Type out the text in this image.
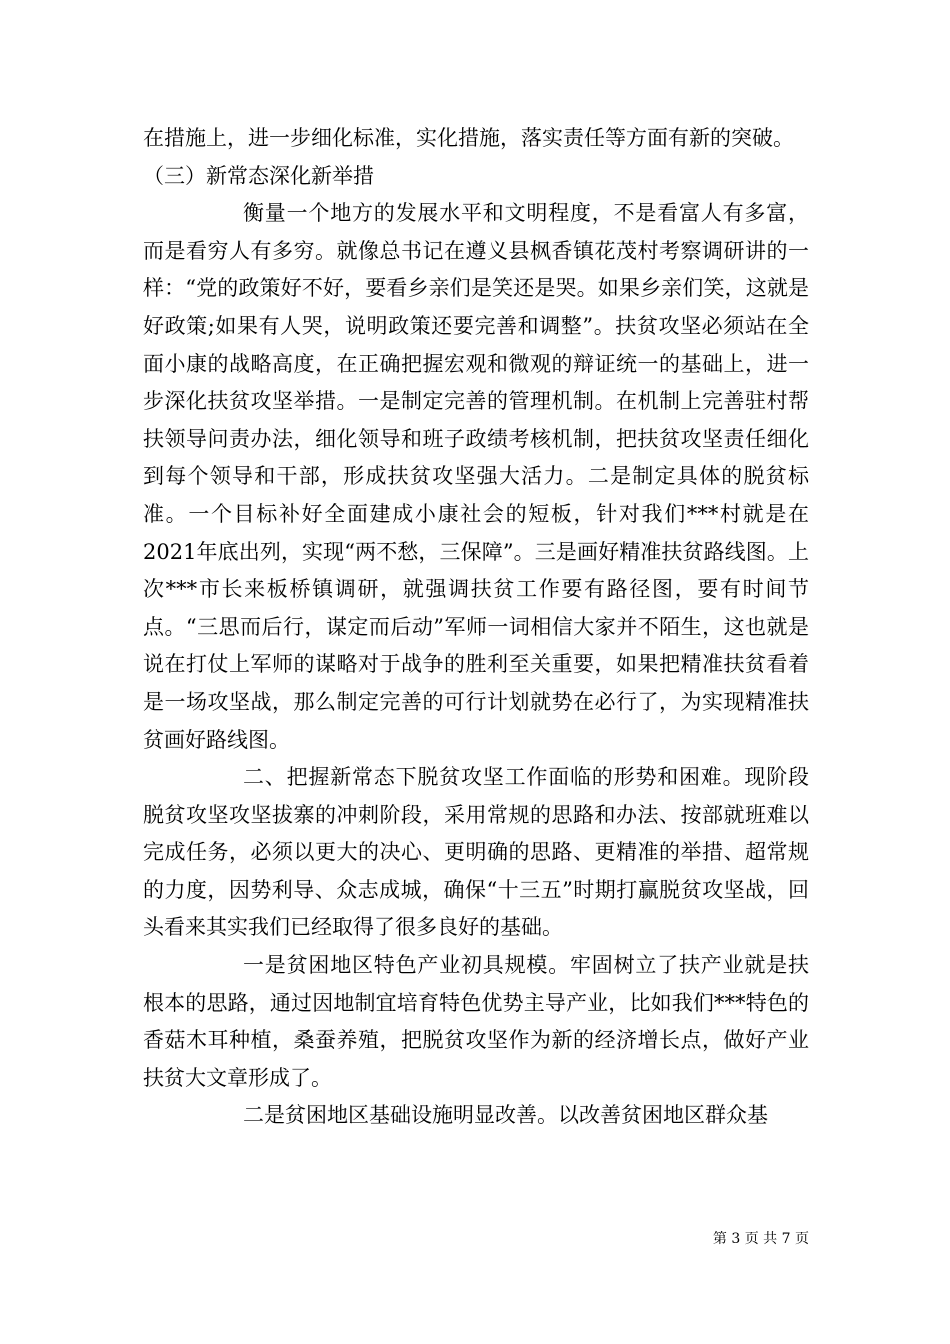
在措施上，进一步细化标准，实化措施，落实责任等方面有新的突破。

（三）新常态深化新举措

衡量一个地方的发展水平和文明程度，不是看富人有多富，而是看穷人有多穷。就像总书记在遵义县枫香镇花茂村考察调研讲的一样：“党的政策好不好，要看乡亲们是笑还是哭。如果乡亲们笑，这就是好政策;如果有人哭，说明政策还要完善和调整”。扶贫攻坚必须站在全面小康的战略高度，在正确把握宏观和微观的辩证统一的基础上，进一步深化扶贫攻坚举措。一是制定完善的管理机制。在机制上完善驻村帮扶领导问责办法，细化领导和班子政绩考核机制，把扶贫攻坚责任细化到每个领导和干部，形成扶贫攻坚强大活力。二是制定具体的脱贫标准。一个目标补好全面建成小康社会的短板，针对我们***村就是在2021年底出列，实现“两不愁，三保障”。三是画好精准扶贫路线图。上次***市长来板桥镇调研，就强调扶贫工作要有路径图，要有时间节点。“三思而后行，谋定而后动”军师一词相信大家并不陌生，这也就是说在打仗上军师的谋略对于战争的胜利至关重要，如果把精准扶贫看着是一场攻坚战，那么制定完善的可行计划就势在必行了，为实现精准扶贫画好路线图。

二、把握新常态下脱贫攻坚工作面临的形势和困难。现阶段脱贫攻坚攻坚拔寨的冲刺阶段，采用常规的思路和办法、按部就班难以完成任务，必须以更大的决心、更明确的思路、更精准的举措、超常规的力度，因势利导、众志成城，确保“十三五”时期打赢脱贫攻坚战，回头看来其实我们已经取得了很多良好的基础。

一是贫困地区特色产业初具规模。牢固树立了扶产业就是扶根本的思路，通过因地制宜培育特色优势主导产业，比如我们***特色的香菇木耳种植，桑蚕养殖，把脱贫攻坚作为新的经济增长点，做好产业扶贫大文章形成了。

二是贫困地区基础设施明显改善。以改善贫困地区群众基

第 3 页 共 7 页
